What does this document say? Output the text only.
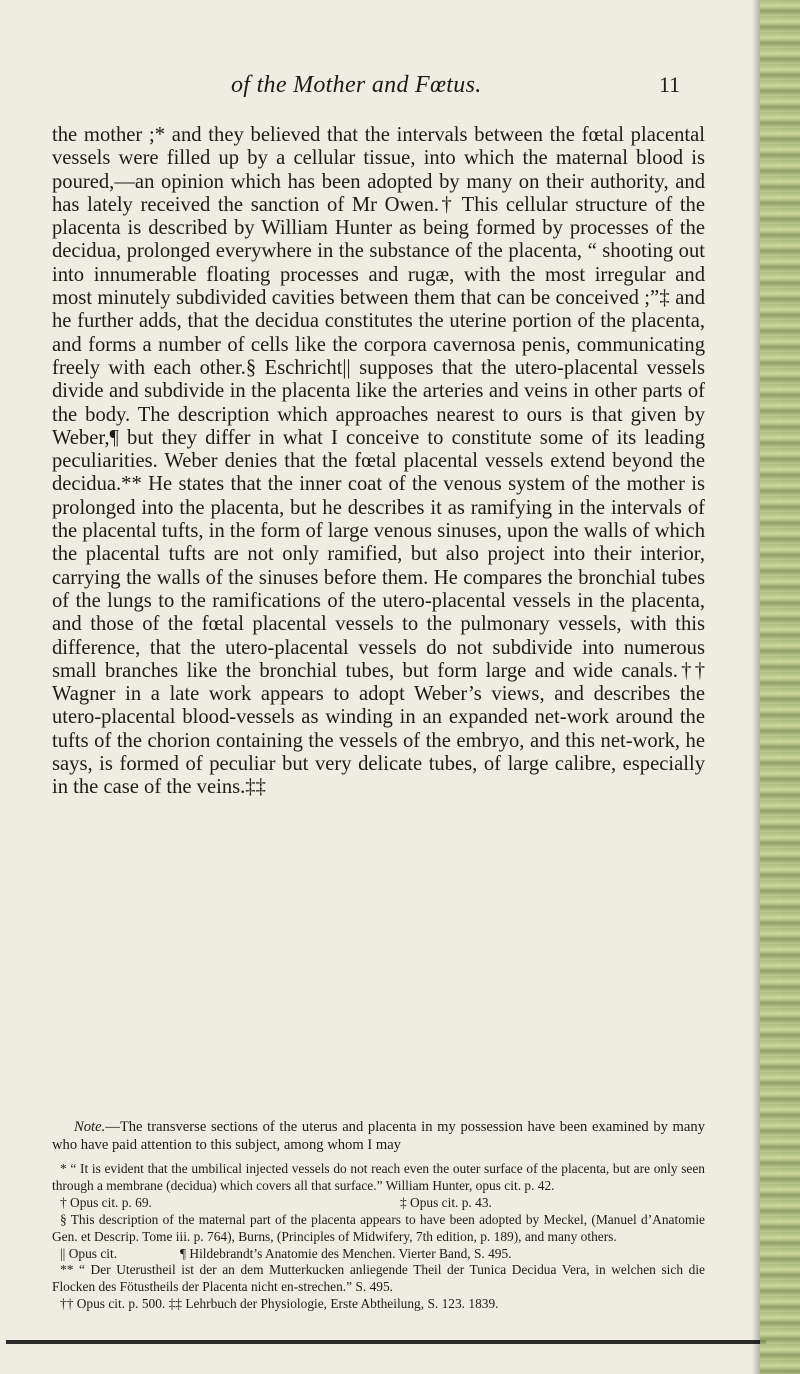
of the Mother and Fœtus.	11

the mother ;* and they believed that the intervals between the fœtal placental vessels were filled up by a cellular tissue, into which the maternal blood is poured,—an opinion which has been adopted by many on their authority, and has lately received the sanction of Mr Owen.† This cellular structure of the placenta is described by William Hunter as being formed by processes of the decidua, prolonged everywhere in the substance of the placenta, “ shooting out into innumerable floating processes and rugæ, with the most irregular and most minutely subdivided cavities between them that can be conceived ;”‡ and he further adds, that the decidua constitutes the uterine portion of the placenta, and forms a number of cells like the corpora cavernosa penis, communicating freely with each other.§ Eschricht|| supposes that the utero-placental vessels divide and subdivide in the placenta like the arteries and veins in other parts of the body. The description which approaches nearest to ours is that given by Weber,¶ but they differ in what I conceive to constitute some of its leading peculiarities. Weber denies that the fœtal placental vessels extend beyond the decidua.** He states that the inner coat of the venous system of the mother is prolonged into the placenta, but he describes it as ramifying in the intervals of the placental tufts, in the form of large venous sinuses, upon the walls of which the placental tufts are not only ramified, but also project into their interior, carrying the walls of the sinuses before them. He compares the bronchial tubes of the lungs to the ramifications of the utero-placental vessels in the placenta, and those of the fœtal placental vessels to the pulmonary vessels, with this difference, that the utero-placental vessels do not subdivide into numerous small branches like the bronchial tubes, but form large and wide canals.†† Wagner in a late work appears to adopt Weber’s views, and describes the utero-placental blood-vessels as winding in an expanded net-work around the tufts of the chorion containing the vessels of the embryo, and this net-work, he says, is formed of peculiar but very delicate tubes, of large calibre, especially in the case of the veins.‡‡

Note.—The transverse sections of the uterus and placenta in my possession have been examined by many who have paid attention to this subject, among whom I may

* “ It is evident that the umbilical injected vessels do not reach even the outer surface of the placenta, but are only seen through a membrane (decidua) which covers all that surface.” William Hunter, opus cit. p. 42.

† Opus cit. p. 69.	‡ Opus cit. p. 43.

§ This description of the maternal part of the placenta appears to have been adopted by Meckel, (Manuel d’Anatomie Gen. et Descrip. Tome iii. p. 764), Burns, (Principles of Midwifery, 7th edition, p. 189), and many others.

|| Opus cit.	¶ Hildebrandt’s Anatomie des Menchen. Vierter Band, S. 495.

** “ Der Uterustheil ist der an dem Mutterkucken anliegende Theil der Tunica Decidua Vera, in welchen sich die Flocken des Fötustheils der Placenta nicht en-strechen.” S. 495.

†† Opus cit. p. 500. ‡‡ Lehrbuch der Physiologie, Erste Abtheilung, S. 123. 1839.
